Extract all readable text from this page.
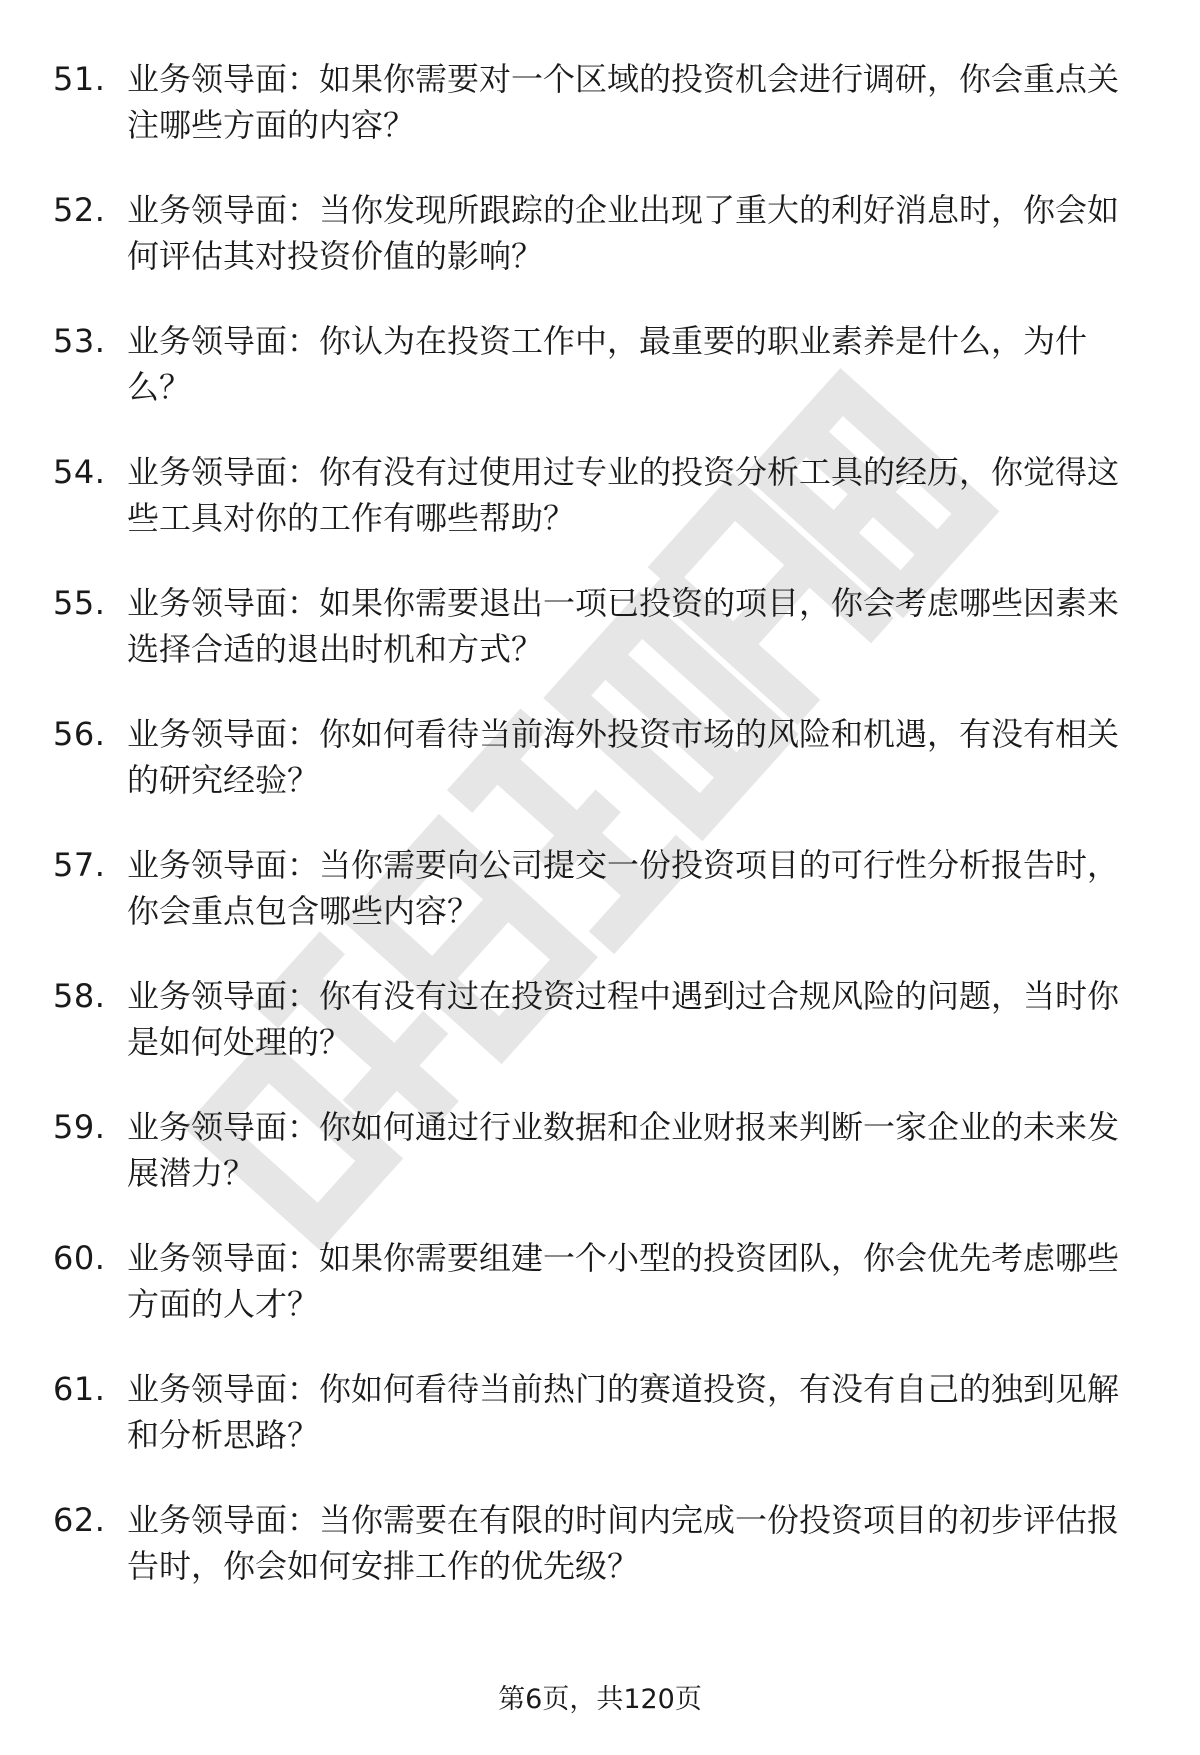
51. 业务领导面：如果你需要对一个区域的投资机会进行调研，你会重点关注哪些方面的内容？

52. 业务领导面：当你发现所跟踪的企业出现了重大的利好消息时，你会如何评估其对投资价值的影响？

53. 业务领导面：你认为在投资工作中，最重要的职业素养是什么，为什么？

54. 业务领导面：你有没有过使用过专业的投资分析工具的经历，你觉得这些工具对你的工作有哪些帮助？

55. 业务领导面：如果你需要退出一项已投资的项目，你会考虑哪些因素来选择合适的退出时机和方式？

56. 业务领导面：你如何看待当前海外投资市场的风险和机遇，有没有相关的研究经验？

57. 业务领导面：当你需要向公司提交一份投资项目的可行性分析报告时，你会重点包含哪些内容？

58. 业务领导面：你有没有过在投资过程中遇到过合规风险的问题，当时你是如何处理的？

59. 业务领导面：你如何通过行业数据和企业财报来判断一家企业的未来发展潜力？

60. 业务领导面：如果你需要组建一个小型的投资团队，你会优先考虑哪些方面的人才？

61. 业务领导面：你如何看待当前热门的赛道投资，有没有自己的独到见解和分析思路？

62. 业务领导面：当你需要在有限的时间内完成一份投资项目的初步评估报告时，你会如何安排工作的优先级？

第6页，共120页
